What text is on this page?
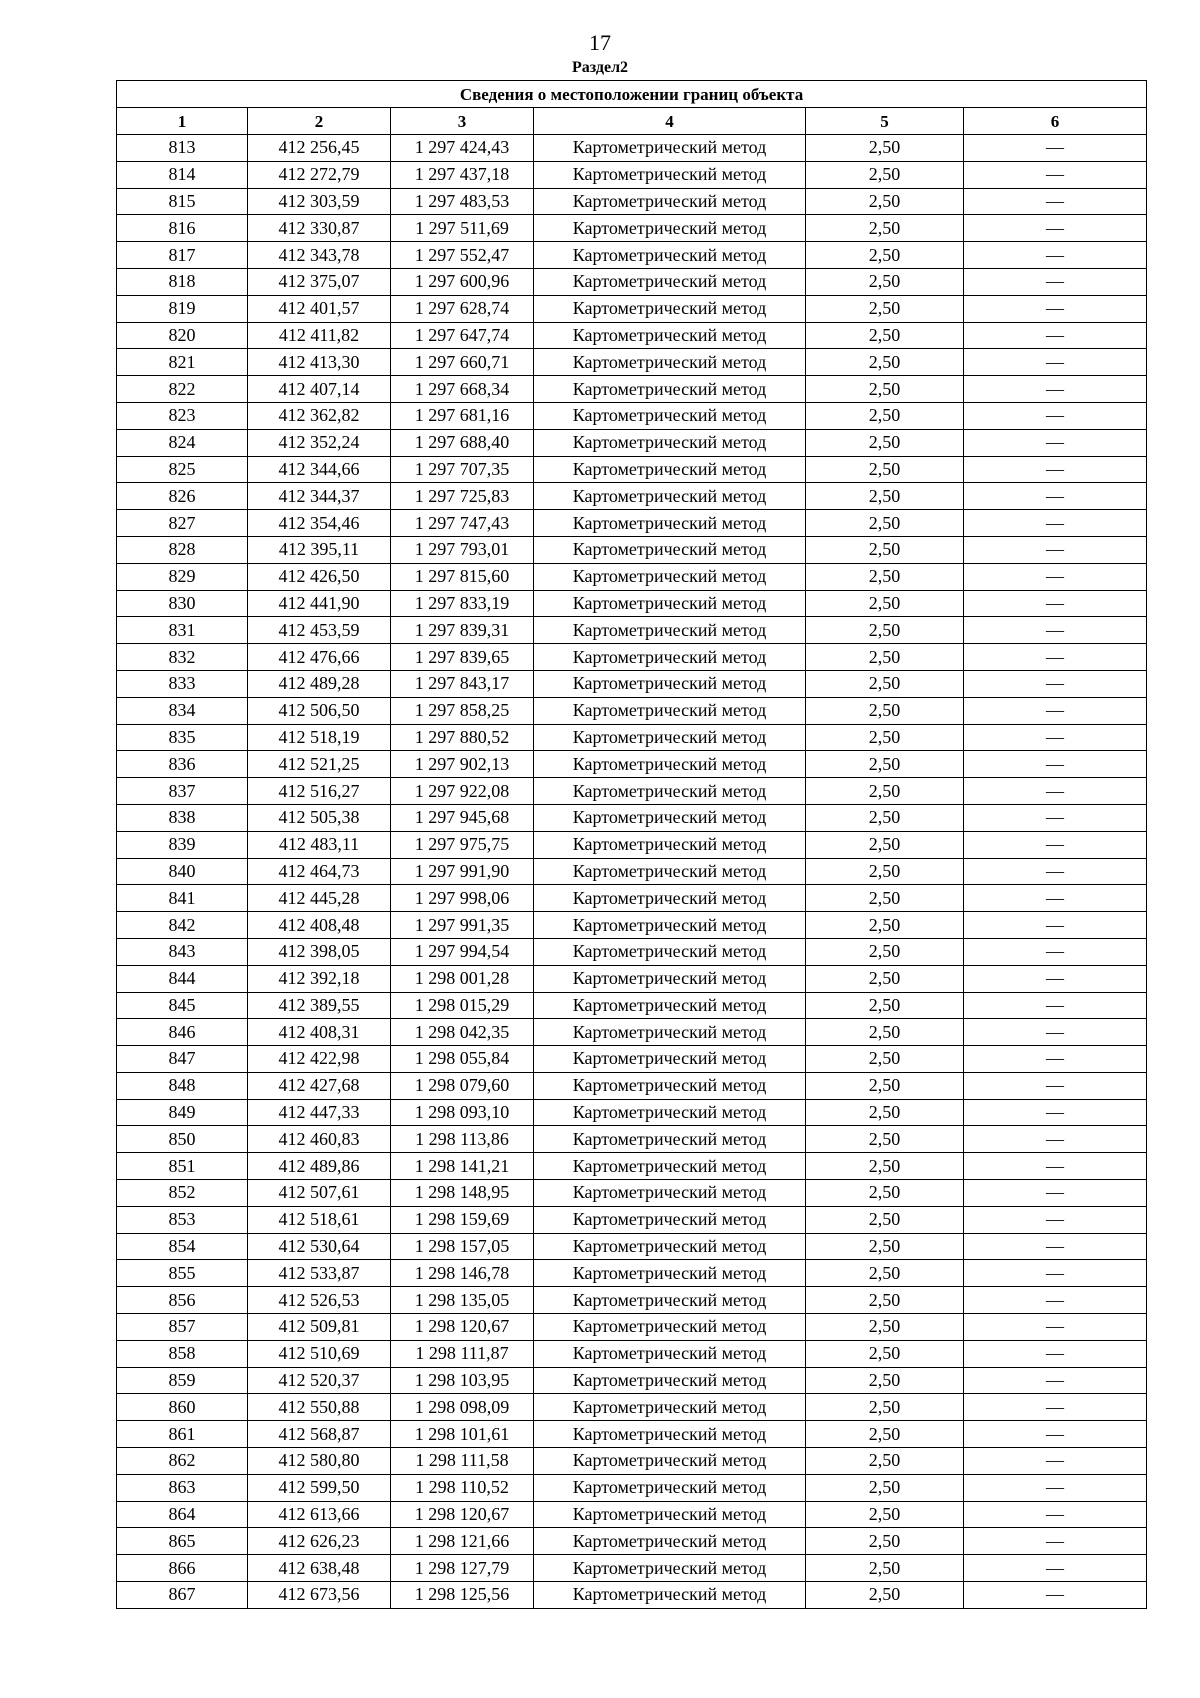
17
Раздел2
Сведения о местоположении границ объекта					
1	2	3	4	5	6
813	412 256,45	1 297 424,43	Картометрический метод	2,50	—
814	412 272,79	1 297 437,18	Картометрический метод	2,50	—
815	412 303,59	1 297 483,53	Картометрический метод	2,50	—
816	412 330,87	1 297 511,69	Картометрический метод	2,50	—
817	412 343,78	1 297 552,47	Картометрический метод	2,50	—
818	412 375,07	1 297 600,96	Картометрический метод	2,50	—
819	412 401,57	1 297 628,74	Картометрический метод	2,50	—
820	412 411,82	1 297 647,74	Картометрический метод	2,50	—
821	412 413,30	1 297 660,71	Картометрический метод	2,50	—
822	412 407,14	1 297 668,34	Картометрический метод	2,50	—
823	412 362,82	1 297 681,16	Картометрический метод	2,50	—
824	412 352,24	1 297 688,40	Картометрический метод	2,50	—
825	412 344,66	1 297 707,35	Картометрический метод	2,50	—
826	412 344,37	1 297 725,83	Картометрический метод	2,50	—
827	412 354,46	1 297 747,43	Картометрический метод	2,50	—
828	412 395,11	1 297 793,01	Картометрический метод	2,50	—
829	412 426,50	1 297 815,60	Картометрический метод	2,50	—
830	412 441,90	1 297 833,19	Картометрический метод	2,50	—
831	412 453,59	1 297 839,31	Картометрический метод	2,50	—
832	412 476,66	1 297 839,65	Картометрический метод	2,50	—
833	412 489,28	1 297 843,17	Картометрический метод	2,50	—
834	412 506,50	1 297 858,25	Картометрический метод	2,50	—
835	412 518,19	1 297 880,52	Картометрический метод	2,50	—
836	412 521,25	1 297 902,13	Картометрический метод	2,50	—
837	412 516,27	1 297 922,08	Картометрический метод	2,50	—
838	412 505,38	1 297 945,68	Картометрический метод	2,50	—
839	412 483,11	1 297 975,75	Картометрический метод	2,50	—
840	412 464,73	1 297 991,90	Картометрический метод	2,50	—
841	412 445,28	1 297 998,06	Картометрический метод	2,50	—
842	412 408,48	1 297 991,35	Картометрический метод	2,50	—
843	412 398,05	1 297 994,54	Картометрический метод	2,50	—
844	412 392,18	1 298 001,28	Картометрический метод	2,50	—
845	412 389,55	1 298 015,29	Картометрический метод	2,50	—
846	412 408,31	1 298 042,35	Картометрический метод	2,50	—
847	412 422,98	1 298 055,84	Картометрический метод	2,50	—
848	412 427,68	1 298 079,60	Картометрический метод	2,50	—
849	412 447,33	1 298 093,10	Картометрический метод	2,50	—
850	412 460,83	1 298 113,86	Картометрический метод	2,50	—
851	412 489,86	1 298 141,21	Картометрический метод	2,50	—
852	412 507,61	1 298 148,95	Картометрический метод	2,50	—
853	412 518,61	1 298 159,69	Картометрический метод	2,50	—
854	412 530,64	1 298 157,05	Картометрический метод	2,50	—
855	412 533,87	1 298 146,78	Картометрический метод	2,50	—
856	412 526,53	1 298 135,05	Картометрический метод	2,50	—
857	412 509,81	1 298 120,67	Картометрический метод	2,50	—
858	412 510,69	1 298 111,87	Картометрический метод	2,50	—
859	412 520,37	1 298 103,95	Картометрический метод	2,50	—
860	412 550,88	1 298 098,09	Картометрический метод	2,50	—
861	412 568,87	1 298 101,61	Картометрический метод	2,50	—
862	412 580,80	1 298 111,58	Картометрический метод	2,50	—
863	412 599,50	1 298 110,52	Картометрический метод	2,50	—
864	412 613,66	1 298 120,67	Картометрический метод	2,50	—
865	412 626,23	1 298 121,66	Картометрический метод	2,50	—
866	412 638,48	1 298 127,79	Картометрический метод	2,50	—
867	412 673,56	1 298 125,56	Картометрический метод	2,50	—
